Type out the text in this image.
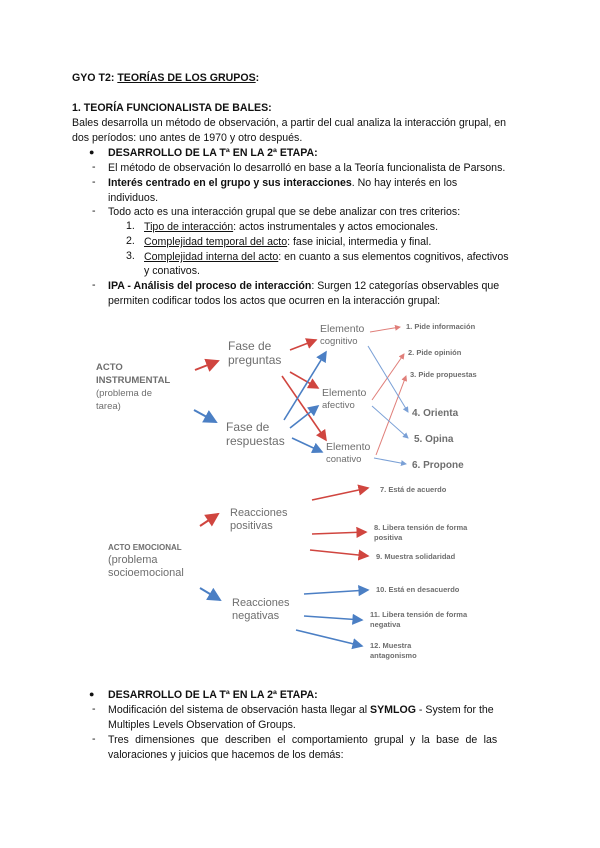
GYO T2: TEORÍAS DE LOS GRUPOS:
1. TEORÍA FUNCIONALISTA DE BALES:
Bales desarrolla un método de observación, a partir del cual analiza la interacción grupal, en
dos períodos: uno antes de 1970 y otro después.
● DESARROLLO DE LA Tª EN LA 2ª ETAPA:
- El método de observación lo desarrolló en base a la Teoría funcionalista de Parsons.
- Interés centrado en el grupo y sus interacciones. No hay interés en los
individuos.
- Todo acto es una interacción grupal que se debe analizar con tres criterios:
1. Tipo de interacción: actos instrumentales y actos emocionales.
2. Complejidad temporal del acto: fase inicial, intermedia y final.
3. Complejidad interna del acto: en cuanto a sus elementos cognitivos, afectivos
y conativos.
- IPA - Análisis del proceso de interacción: Surgen 12 categorías observables que
permiten codificar todos los actos que ocurren en la interacción grupal:
ACTO
INSTRUMENTAL
(problema de
tarea)
Fase de
preguntas
Fase de
respuestas
Elemento
cognitivo
Elemento
afectivo
Elemento
conativo
1. Pide información
2. Pide opinión
3. Pide propuestas
4. Orienta
5. Opina
6. Propone
ACTO EMOCIONAL
(problema
socioemocional
Reacciones
positivas
Reacciones
negativas
7. Está de acuerdo
8. Libera tensión de forma
positiva
9. Muestra solidaridad
10. Está en desacuerdo
11. Libera tensión de forma
negativa
12. Muestra
antagonismo
● DESARROLLO DE LA Tª EN LA 2ª ETAPA:
- Modificación del sistema de observación hasta llegar al SYMLOG - System for the
Multiples Levels Observation of Groups.
- Tres dimensiones que describen el comportamiento grupal y la base de las
valoraciones y juicios que hacemos de los demás:
